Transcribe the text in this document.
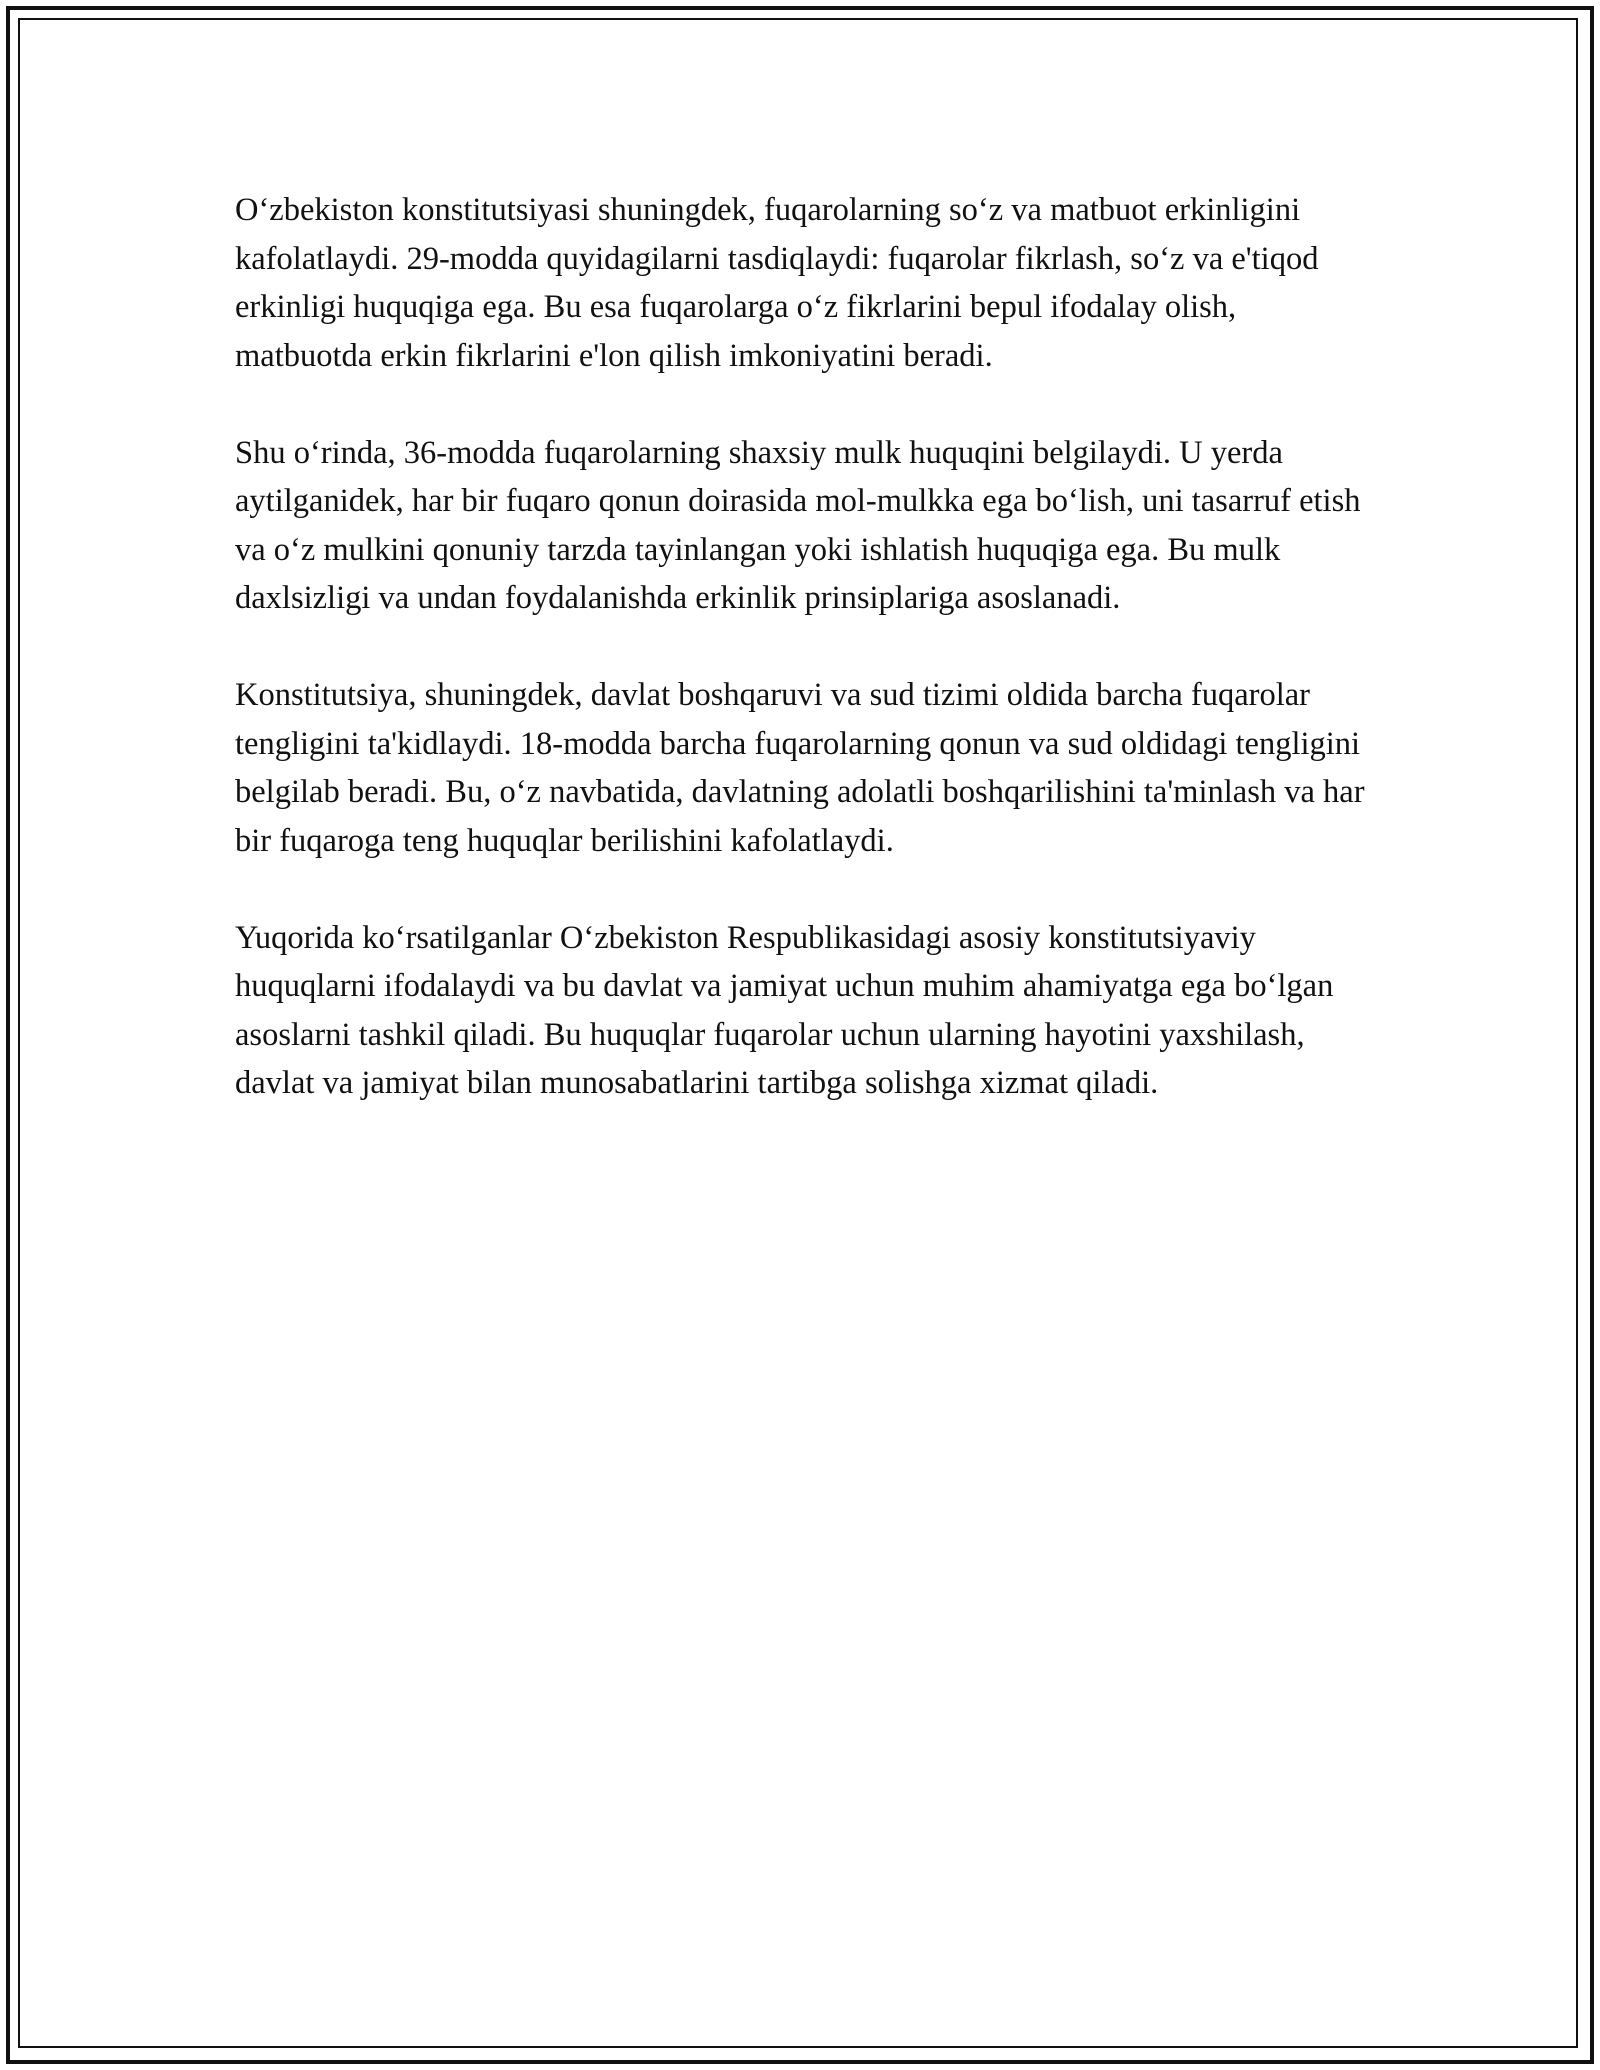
O‘zbekiston konstitutsiyasi shuningdek, fuqarolarning so‘z va matbuot erkinligini kafolatlaydi. 29-modda quyidagilarni tasdiqlaydi: fuqarolar fikrlash, so‘z va e'tiqod erkinligi huquqiga ega. Bu esa fuqarolarga o‘z fikrlarini bepul ifodalay olish, matbuotda erkin fikrlarini e'lon qilish imkoniyatini beradi.

Shu o‘rinda, 36-modda fuqarolarning shaxsiy mulk huquqini belgilaydi. U yerda aytilganidek, har bir fuqaro qonun doirasida mol-mulkka ega bo‘lish, uni tasarruf etish va o‘z mulkini qonuniy tarzda tayinlangan yoki ishlatish huquqiga ega. Bu mulk daxlsizligi va undan foydalanishda erkinlik prinsiplariga asoslanadi.

Konstitutsiya, shuningdek, davlat boshqaruvi va sud tizimi oldida barcha fuqarolar tengligini ta'kidlaydi. 18-modda barcha fuqarolarning qonun va sud oldidagi tengligini belgilab beradi. Bu, o‘z navbatida, davlatning adolatli boshqarilishini ta'minlash va har bir fuqaroga teng huquqlar berilishini kafolatlaydi.

Yuqorida ko‘rsatilganlar O‘zbekiston Respublikasidagi asosiy konstitutsiyaviy huquqlarni ifodalaydi va bu davlat va jamiyat uchun muhim ahamiyatga ega bo‘lgan asoslarni tashkil qiladi. Bu huquqlar fuqarolar uchun ularning hayotini yaxshilash, davlat va jamiyat bilan munosabatlarini tartibga solishga xizmat qiladi.
